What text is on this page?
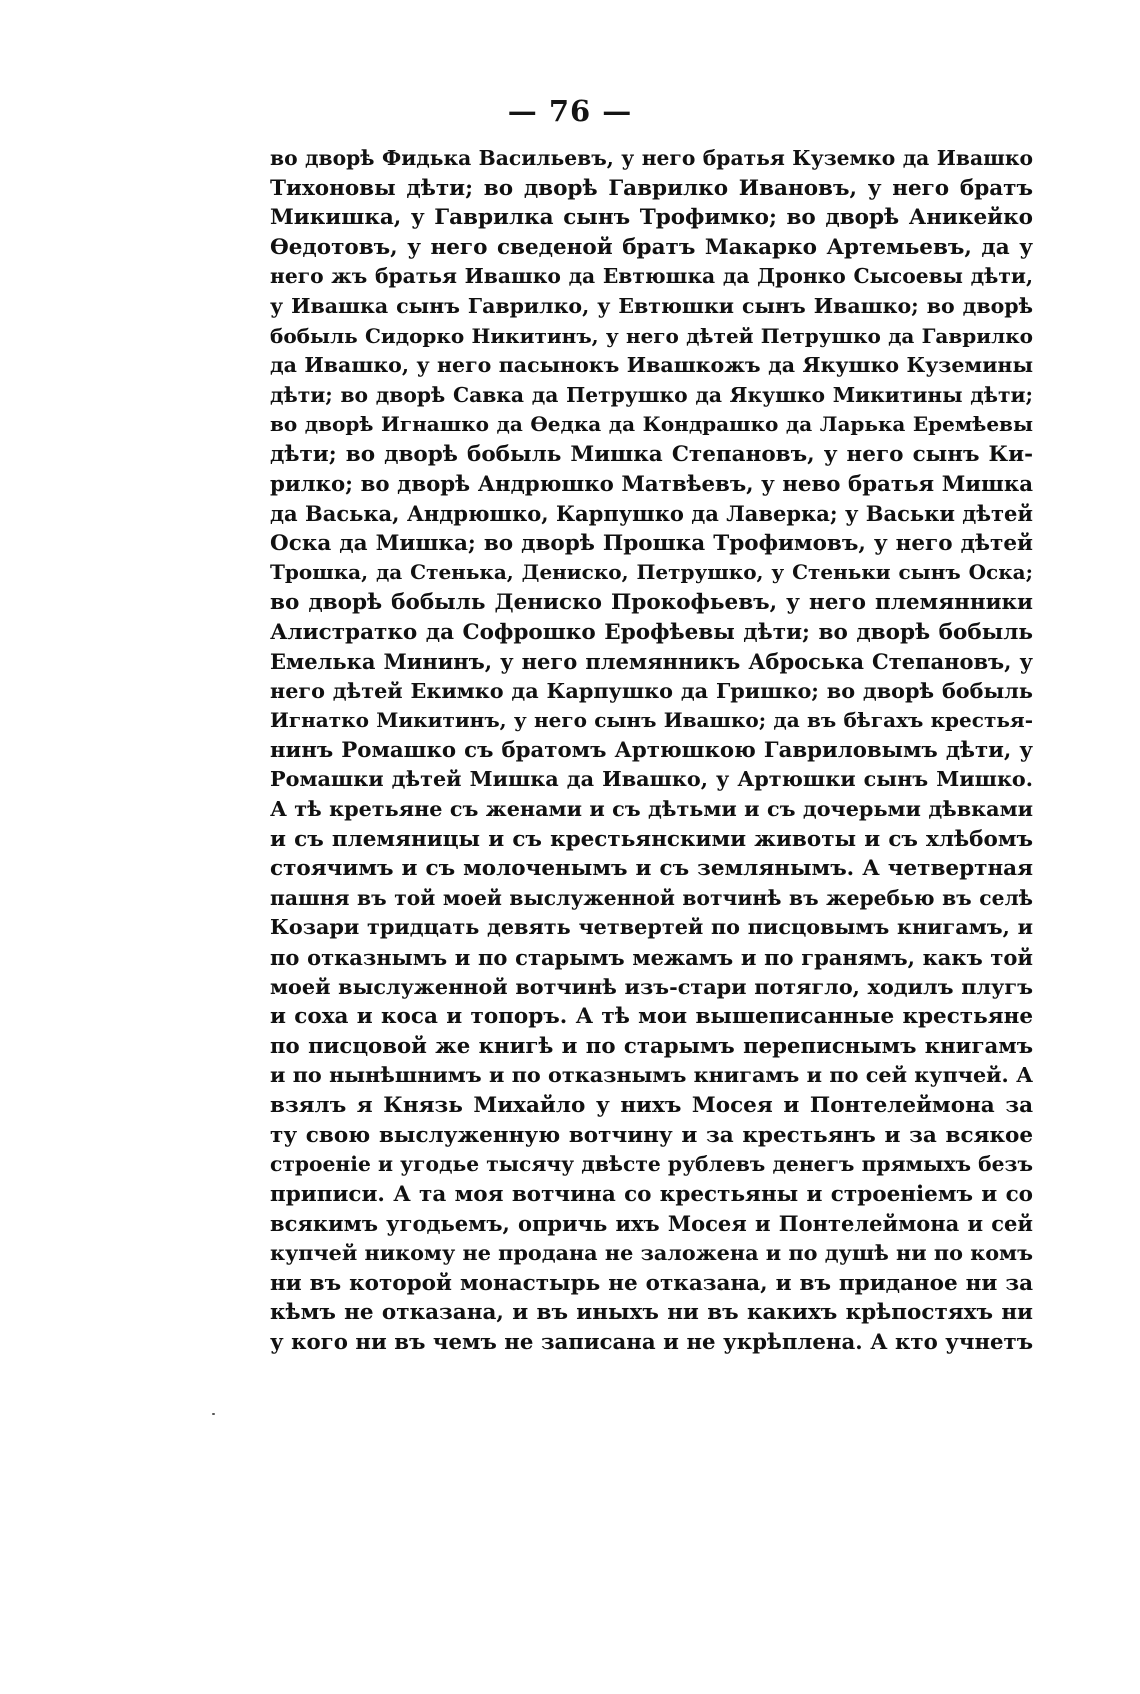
— 76 —
во дворѣ Фидька Васильевъ, у него братья Куземко да Ивашко
Тихоновы дѣти; во дворѣ Гаврилко Ивановъ, у него братъ
Микишка, у Гаврилка сынъ Трофимко; во дворѣ Аникейко
Ѳедотовъ, у него сведеной братъ Макарко Артемьевъ, да у
него жъ братья Ивашко да Евтюшка да Дронко Сысоевы дѣти,
у Ивашка сынъ Гаврилко, у Евтюшки сынъ Ивашко; во дворѣ
бобыль Сидорко Никитинъ, у него дѣтей Петрушко да Гаврилко
да Ивашко, у него пасынокъ Ивашкожъ да Якушко Куземины
дѣти; во дворѣ Савка да Петрушко да Якушко Микитины дѣти;
во дворѣ Игнашко да Ѳедка да Кондрашко да Ларька Еремѣевы
дѣти; во дворѣ бобыль Мишка Степановъ, у него сынъ Ки-
рилко; во дворѣ Андрюшко Матвѣевъ, у нево братья Мишка
да Васька, Андрюшко, Карпушко да Лаверка; у Васьки дѣтей
Оска да Мишка; во дворѣ Прошка Трофимовъ, у него дѣтей
Трошка, да Стенька, Дениско, Петрушко, у Стеньки сынъ Оска;
во дворѣ бобыль Дениско Прокофьевъ, у него племянники
Алистратко да Софрошко Ерофѣевы дѣти; во дворѣ бобыль
Емелька Мининъ, у него племянникъ Аброська Степановъ, у
него дѣтей Екимко да Карпушко да Гришко; во дворѣ бобыль
Игнатко Микитинъ, у него сынъ Ивашко; да въ бѣгахъ крестья-
нинъ Ромашко съ братомъ Артюшкою Гавриловымъ дѣти, у
Ромашки дѣтей Мишка да Ивашко, у Артюшки сынъ Мишко.
А тѣ кретьяне съ женами и съ дѣтьми и съ дочерьми дѣвками
и съ племяницы и съ крестьянскими животы и съ хлѣбомъ
стоячимъ и съ молоченымъ и съ землянымъ. А четвертная
пашня въ той моей выслуженной вотчинѣ въ жеребью въ селѣ
Козари тридцать девять четвертей по писцовымъ книгамъ, и
по отказнымъ и по старымъ межамъ и по гранямъ, какъ той
моей выслуженной вотчинѣ изъ-стари потягло, ходилъ плугъ
и соха и коса и топоръ. А тѣ мои вышеписанные крестьяне
по писцовой же книгѣ и по старымъ переписнымъ книгамъ
и по нынѣшнимъ и по отказнымъ книгамъ и по сей купчей. А
взялъ я Князь Михайло у нихъ Мосея и Понтелеймона за
ту свою выслуженную вотчину и за крестьянъ и за всякое
строеніе и угодье тысячу двѣсте рублевъ денегъ прямыхъ безъ
приписи. А та моя вотчина со крестьяны и строеніемъ и со
всякимъ угодьемъ, опричь ихъ Мосея и Понтелеймона и сей
купчей никому не продана не заложена и по душѣ ни по комъ
ни въ которой монастырь не отказана, и въ приданое ни за
кѣмъ не отказана, и въ иныхъ ни въ какихъ крѣпостяхъ ни
у кого ни въ чемъ не записана и не укрѣплена. А кто учнетъ
